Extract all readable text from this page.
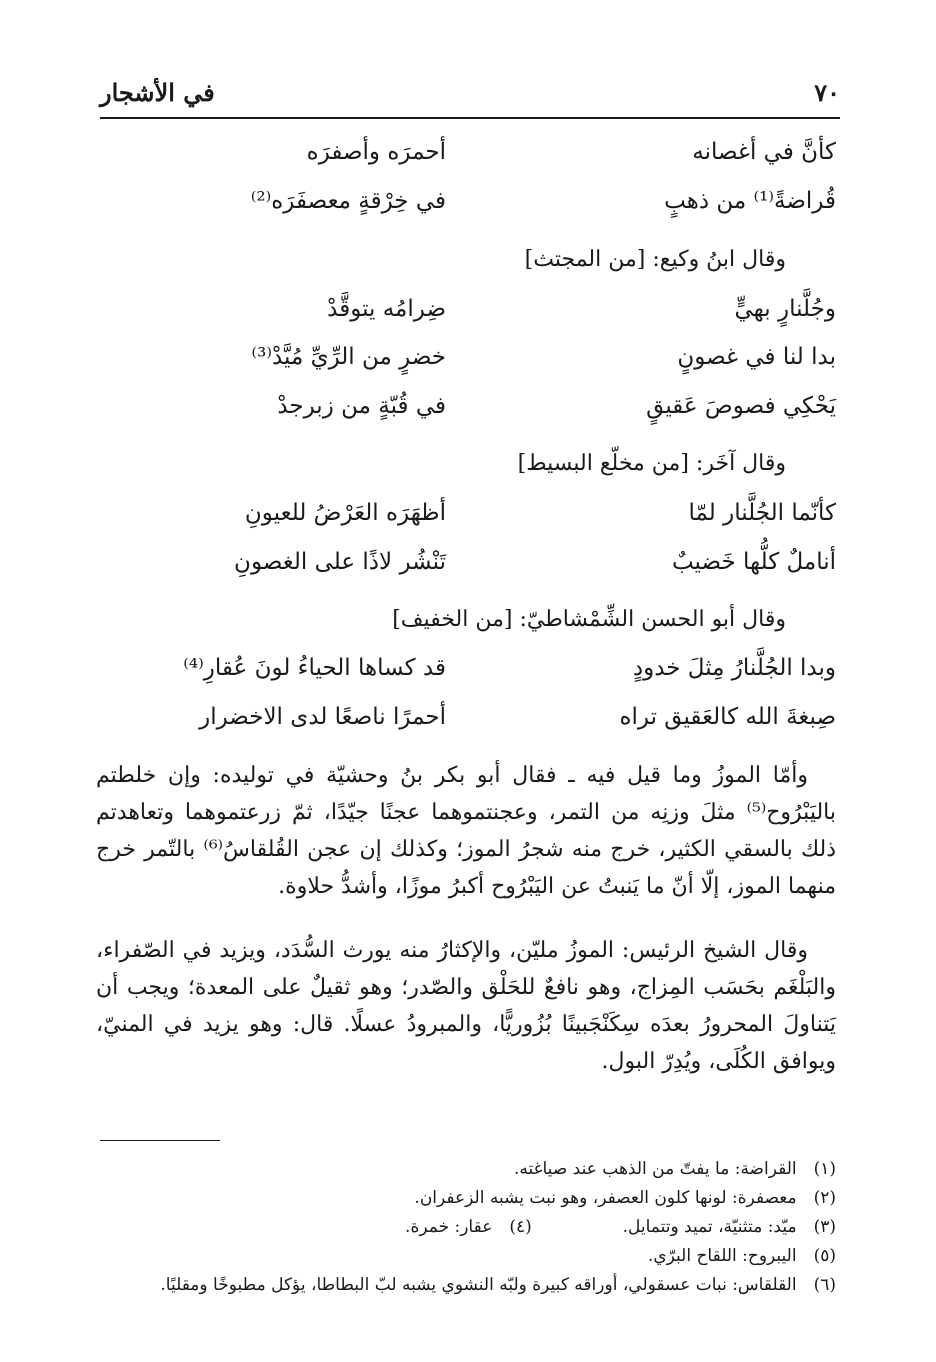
٧٠
في الأشجار
كأنَّ في أغصانه
أحمرَه وأصفرَه
قُراضةً⁽¹⁾ من ذهبٍ
في خِرْقةٍ معصفَرَه⁽²⁾
وقال ابنُ وكيع: [من المجتث]
وجُلَّنارٍ بهيٍّ
ضِرامُه يتوقَّدْ
بدا لنا في غصونٍ
خضرٍ من الرِّيِّ مُيَّدْ⁽³⁾
يَحْكِي فصوصَ عَقيقٍ
في قُبّةٍ من زبرجدْ
وقال آخَر: [من مخلّع البسيط]
كأنّما الجُلَّنار لمّا
أظهَرَه العَرْضُ للعيونِ
أناملٌ كلُّها خَضيبٌ
تَنْشُر لاذًا على الغصونِ
وقال أبو الحسن الشِّمْشاطيّ: [من الخفيف]
وبدا الجُلَّنارُ مِثلَ خدودٍ
قد كساها الحياءُ لونَ عُقارِ⁽⁴⁾
صِبغةَ الله كالعَقيق تراه
أحمرًا ناصعًا لدى الاخضرار

وأمّا الموزُ وما قيل فيه ـ فقال أبو بكر بنُ وحشيّة في توليده: وإن خلطتم باليَبْرُوح⁽⁵⁾ مثلَ وزنِه من التمر، وعجنتموهما عجنًا جيّدًا، ثمّ زرعتموهما وتعاهدتم ذلك بالسقي الكثير، خرج منه شجرُ الموز؛ وكذلك إن عجن القُلقاسُ⁽⁶⁾ بالتّمر خرج منهما الموز، إلّا أنّ ما يَنبتُ عن اليَبْرُوح أكبرُ موزًا، وأشدُّ حلاوة.

وقال الشيخ الرئيس: الموزُ مليّن، والإكثارُ منه يورث السُّدَد، ويزيد في الصّفراء، والبَلْغَم بحَسَب المِزاج، وهو نافعٌ للحَلْق والصّدر؛ وهو ثقيلٌ على المعدة؛ ويجب أن يَتناولَ المحرورُ بعدَه سِكَنْجَبينًا بُزُوريًّا، والمبرودُ عسلًا. قال: وهو يزيد في المنيّ، ويوافق الكُلَى، ويُدِرّ البول.

(١) القراضة: ما يفتّ من الذهب عند صياغته.
(٢) معصفرة: لونها كلون العصفر، وهو نبت يشبه الزعفران.
(٣) ميّد: متثنيّة، تميد وتتمايل.  (٤) عقار: خمرة.
(٥) اليبروح: اللقاح البرّي.
(٦) القلقاس: نبات عسقولي، أوراقه كبيرة ولبّه النشوي يشبه لبّ البطاطا، يؤكل مطبوخًا ومقليًا.
